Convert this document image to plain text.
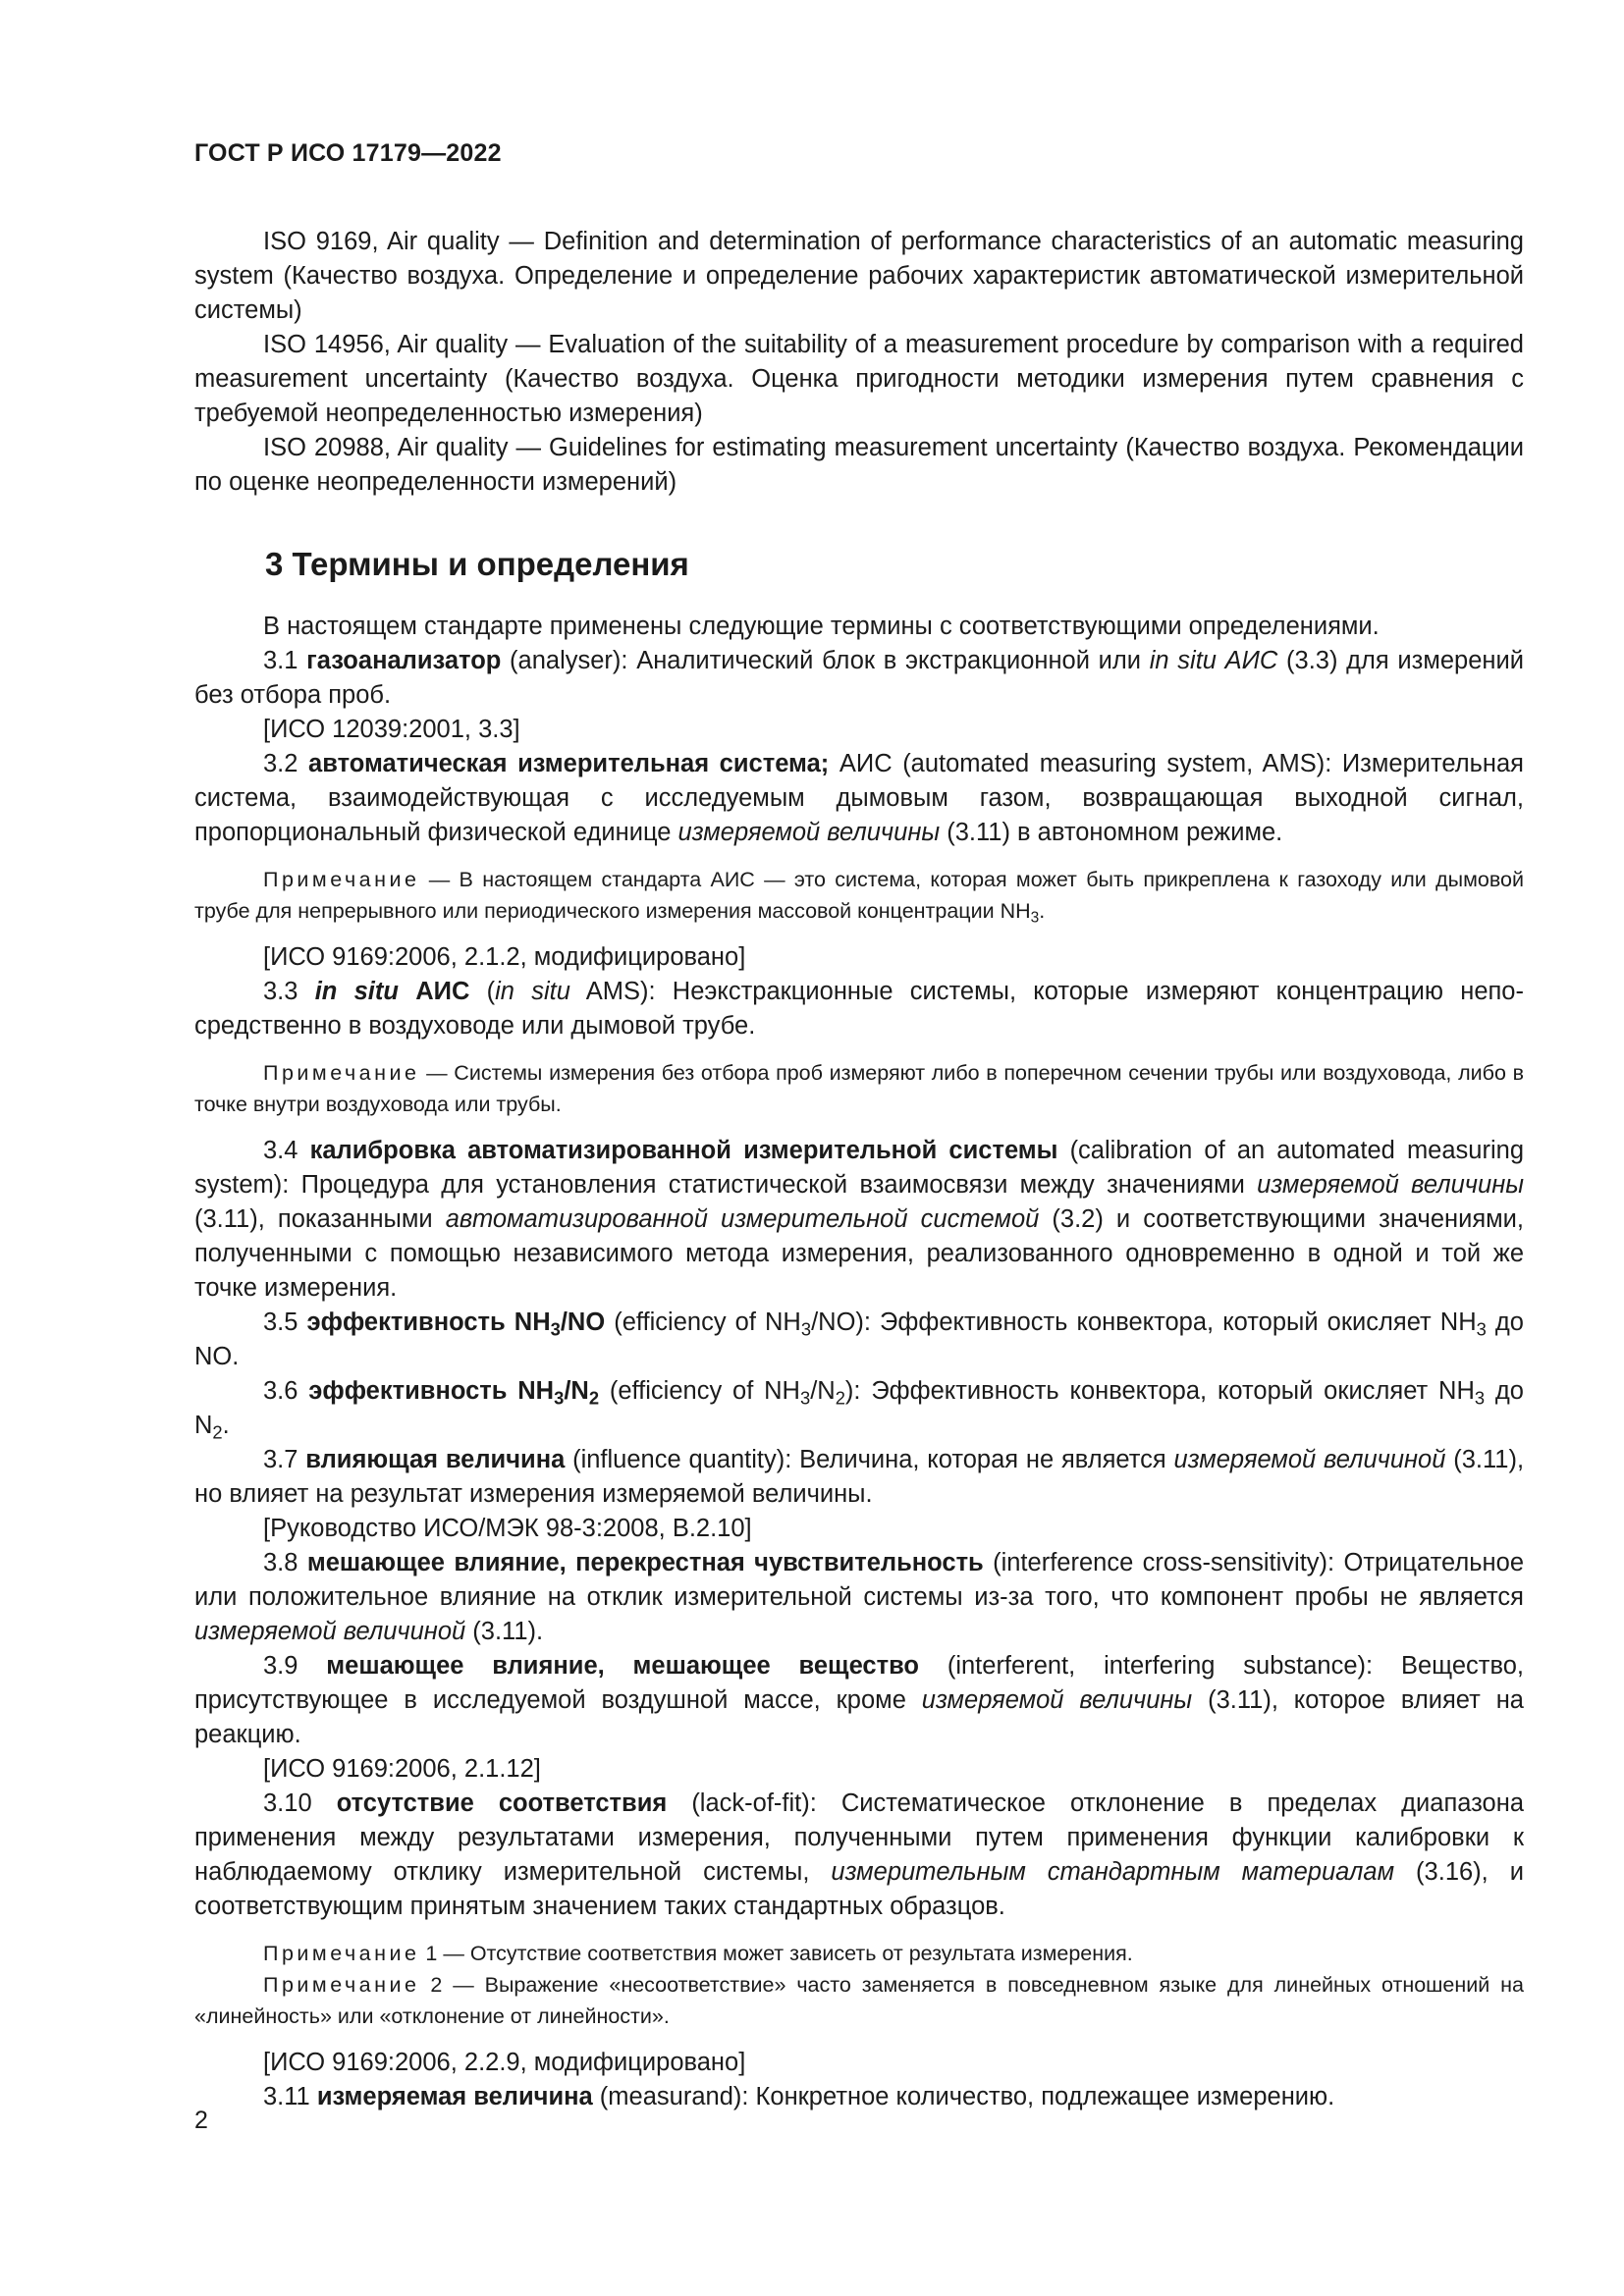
ГОСТ Р ИСО 17179—2022

ISO 9169, Air quality — Definition and determination of performance characteristics of an automatic measuring system (Качество воздуха. Определение и определение рабочих характеристик автоматической измерительной системы)

ISO 14956, Air quality — Evaluation of the suitability of a measurement procedure by comparison with a required measurement uncertainty (Качество воздуха. Оценка пригодности методики измерения путем сравнения с требуемой неопределенностью измерения)

ISO 20988, Air quality — Guidelines for estimating measurement uncertainty (Качество воздуха. Рекомендации по оценке неопределенности измерений)

3 Термины и определения

В настоящем стандарте применены следующие термины с соответствующими определениями.

3.1 газоанализатор (analyser): Аналитический блок в экстракционной или in situ АИС (3.3) для измерений без отбора проб.

[ИСО 12039:2001, 3.3]

3.2 автоматическая измерительная система; АИС (automated measuring system, AMS): Измерительная система, взаимодействующая с исследуемым дымовым газом, возвращающая выходной сигнал, пропорциональный физической единице измеряемой величины (3.11) в автономном режиме.

Примечание — В настоящем стандарта АИС — это система, которая может быть прикреплена к газоходу или дымовой трубе для непрерывного или периодического измерения массовой концентрации $NH_3$.

[ИСО 9169:2006, 2.1.2, модифицировано]

3.3 in situ АИС (in situ AMS): Неэкстракционные системы, которые измеряют концентрацию непосредственно в воздуховоде или дымовой трубе.

Примечание — Системы измерения без отбора проб измеряют либо в поперечном сечении трубы или воздуховода, либо в точке внутри воздуховода или трубы.

3.4 калибровка автоматизированной измерительной системы (calibration of an automated measuring system): Процедура для установления статистической взаимосвязи между значениями измеряемой величины (3.11), показанными автоматизированной измерительной системой (3.2) и соответствующими значениями, полученными с помощью независимого метода измерения, реализованного одновременно в одной и той же точке измерения.

3.5 эффективность $NH_3/NO$ (efficiency of $NH_3/NO$): Эффективность конвектора, который окисляет $NH_3$ до NO.

3.6 эффективность $NH_3/N_2$ (efficiency of $NH_3/N_2$): Эффективность конвектора, который окисляет $NH_3$ до $N_2$.

3.7 влияющая величина (influence quantity): Величина, которая не является измеряемой величиной (3.11), но влияет на результат измерения измеряемой величины.

[Руководство ИСО/МЭК 98-3:2008, В.2.10]

3.8 мешающее влияние, перекрестная чувствительность (interference cross-sensitivity): Отрицательное или положительное влияние на отклик измерительной системы из-за того, что компонент пробы не является измеряемой величиной (3.11).

3.9 мешающее влияние, мешающее вещество (interferent, interfering substance): Вещество, присутствующее в исследуемой воздушной массе, кроме измеряемой величины (3.11), которое влияет на реакцию.

[ИСО 9169:2006, 2.1.12]

3.10 отсутствие соответствия (lack-of-fit): Систематическое отклонение в пределах диапазона применения между результатами измерения, полученными путем применения функции калибровки к наблюдаемому отклику измерительной системы, измерительным стандартным материалам (3.16), и соответствующим принятым значением таких стандартных образцов.

Примечание 1 — Отсутствие соответствия может зависеть от результата измерения.

Примечание 2 — Выражение «несоответствие» часто заменяется в повседневном языке для линейных отношений на «линейность» или «отклонение от линейности».

[ИСО 9169:2006, 2.2.9, модифицировано]

3.11 измеряемая величина (measurand): Конкретное количество, подлежащее измерению.

2
